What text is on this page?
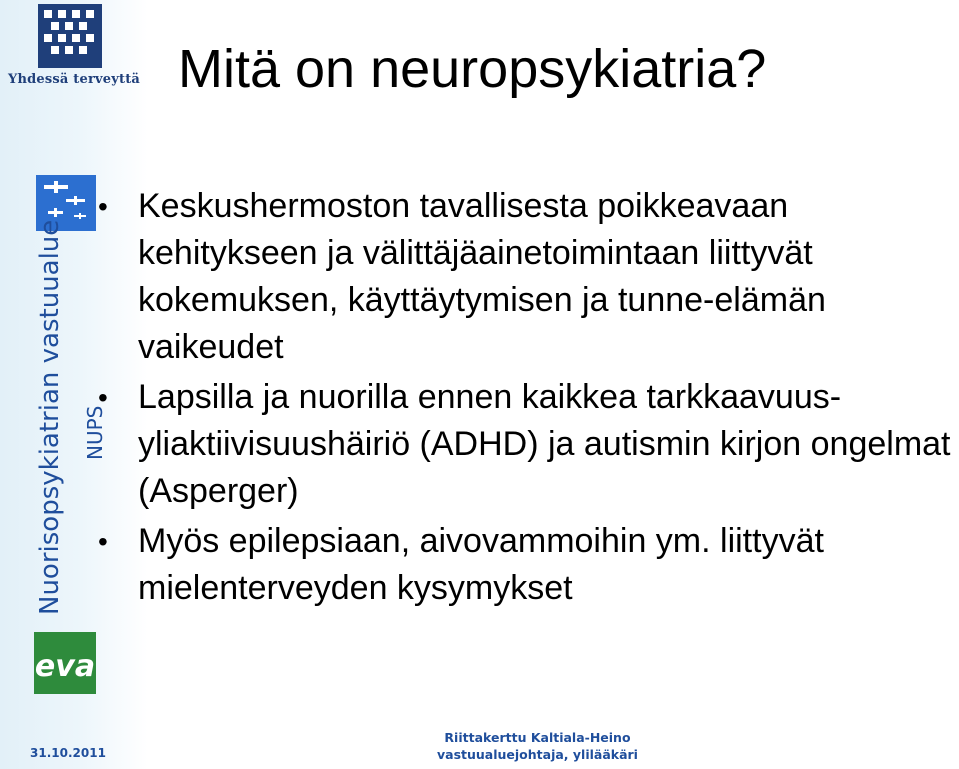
Yhdessä terveyttä
Nuorisopsykiatrian vastuualue NUPS
eva
31.10.2011
Mitä on neuropsykiatria?
• Keskushermoston tavallisesta poikkeavaan kehitykseen ja välittäjäainetoimintaan liittyvät kokemuksen, käyttäytymisen ja tunne-elämän vaikeudet
• Lapsilla ja nuorilla ennen kaikkea tarkkaavuus-yliaktiivisuushäiriö (ADHD) ja autismin kirjon ongelmat (Asperger)
• Myös epilepsiaan, aivovammoihin ym. liittyvät mielenterveyden kysymykset
Riittakerttu Kaltiala-Heino
vastuualuejohtaja, ylilääkäri
